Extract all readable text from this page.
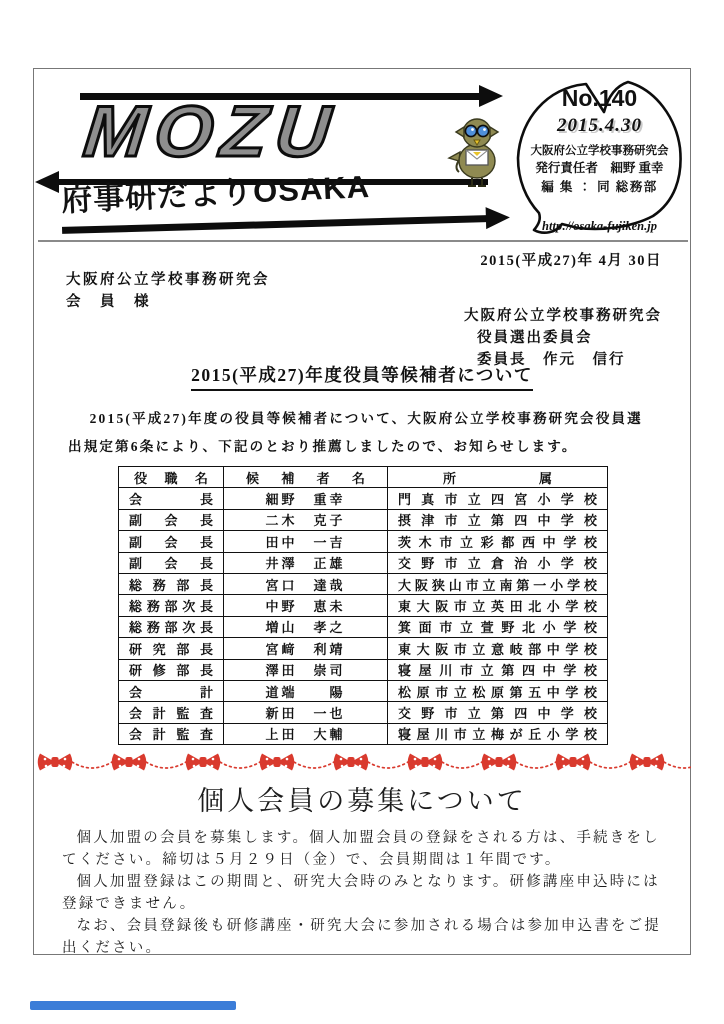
MOZU
府事研だよりOSAKA
No.140
2015.4.30
大阪府公立学校事務研究会
発行責任者　細野 重幸
編 集 ： 同 総務部
http://osaka-fujiken.jp
2015(平成27)年 4月 30日
大阪府公立学校事務研究会
会　員　様
大阪府公立学校事務研究会
役員選出委員会
委員長　作元　信行
2015(平成27)年度役員等候補者について

2015(平成27)年度の役員等候補者について、大阪府公立学校事務研究会役員選出規定第6条により、下記のとおり推薦しましたので、お知らせします。

役職名	候補者名	所属
会長	細野　重幸	門真市立四宮小学校
副会長	二木　克子	摂津市立第四中学校
副会長	田中　一吉	茨木市立彩都西中学校
副会長	井澤　正雄	交野市立倉治小学校
総務部長	宮口　達哉	大阪狭山市立南第一小学校
総務部次長	中野　恵未	東大阪市立英田北小学校
総務部次長	増山　孝之	箕面市立萱野北小学校
研究部長	宮﨑　利靖	東大阪市立意岐部中学校
研修部長	澤田　崇司	寝屋川市立第四中学校
会計	道端　　陽	松原市立松原第五中学校
会計監査	新田　一也	交野市立第四中学校
会計監査	上田　大輔	寝屋川市立梅が丘小学校
個人会員の募集について

個人加盟の会員を募集します。個人加盟会員の登録をされる方は、手続きをしてください。締切は５月２９日（金）で、会員期間は１年間です。

個人加盟登録はこの期間と、研究大会時のみとなります。研修講座申込時には登録できません。

なお、会員登録後も研修講座・研究大会に参加される場合は参加申込書をご提出ください。
